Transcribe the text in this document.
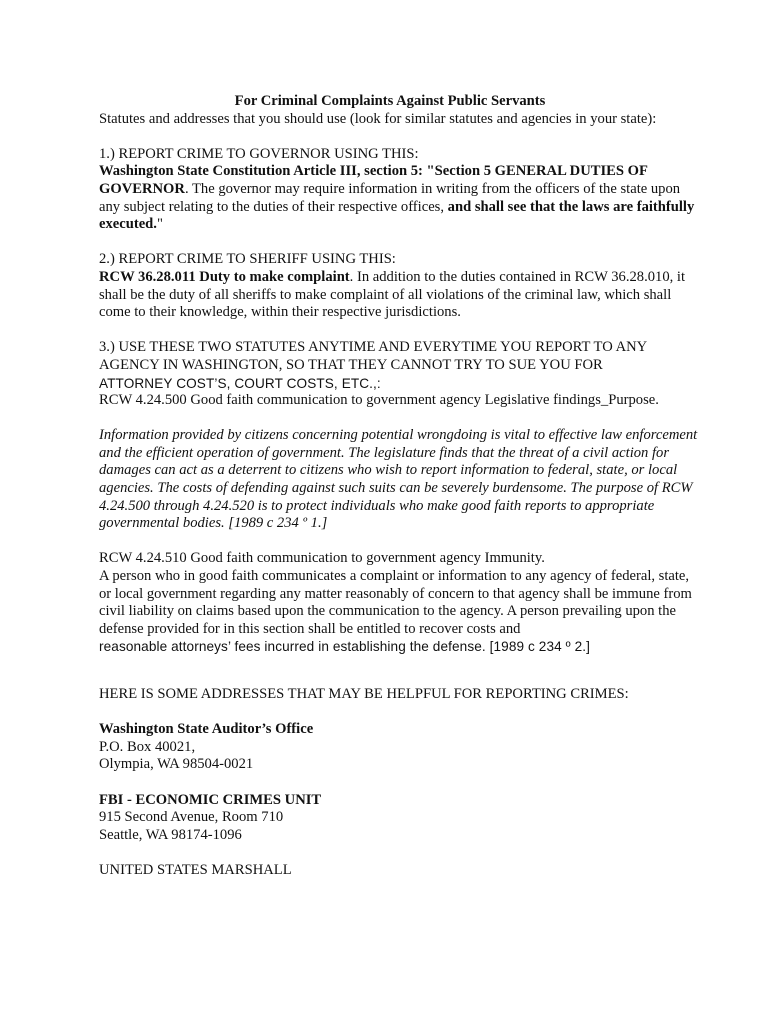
For Criminal Complaints Against Public Servants

Statutes and addresses that you should use (look for similar statutes and agencies in your state):

1.) REPORT CRIME TO GOVERNOR USING THIS:

Washington State Constitution Article III, section 5: "Section 5 GENERAL DUTIES OF GOVERNOR. The governor may require information in writing from the officers of the state upon any subject relating to the duties of their respective offices, and shall see that the laws are faithfully executed."

2.) REPORT CRIME TO SHERIFF USING THIS:

RCW 36.28.011 Duty to make complaint. In addition to the duties contained in RCW 36.28.010, it shall be the duty of all sheriffs to make complaint of all violations of the criminal law, which shall come to their knowledge, within their respective jurisdictions.

3.) USE THESE TWO STATUTES ANYTIME AND EVERYTIME YOU REPORT TO ANY AGENCY IN WASHINGTON, SO THAT THEY CANNOT TRY TO SUE YOU FOR

ATTORNEY COST’S, COURT COSTS, ETC.,:

RCW 4.24.500 Good faith communication to government agency Legislative findings_Purpose.

Information provided by citizens concerning potential wrongdoing is vital to effective law enforcement and the efficient operation of government. The legislature finds that the threat of a civil action for damages can act as a deterrent to citizens who wish to report information to federal, state, or local agencies. The costs of defending against such suits can be severely burdensome. The purpose of RCW 4.24.500 through 4.24.520 is to protect individuals who make good faith reports to appropriate governmental bodies. [1989 c 234 º 1.]

RCW 4.24.510 Good faith communication to government agency Immunity.

A person who in good faith communicates a complaint or information to any agency of federal, state, or local government regarding any matter reasonably of concern to that agency shall be immune from civil liability on claims based upon the communication to the agency. A person prevailing upon the defense provided for in this section shall be entitled to recover costs and

reasonable attorneys’ fees incurred in establishing the defense. [1989 c 234 º 2.]

HERE IS SOME ADDRESSES THAT MAY BE HELPFUL FOR REPORTING CRIMES:

Washington State Auditor’s Office

P.O. Box 40021,

Olympia, WA 98504-0021

FBI - ECONOMIC CRIMES UNIT

915 Second Avenue, Room 710

Seattle, WA 98174-1096

UNITED STATES MARSHALL
